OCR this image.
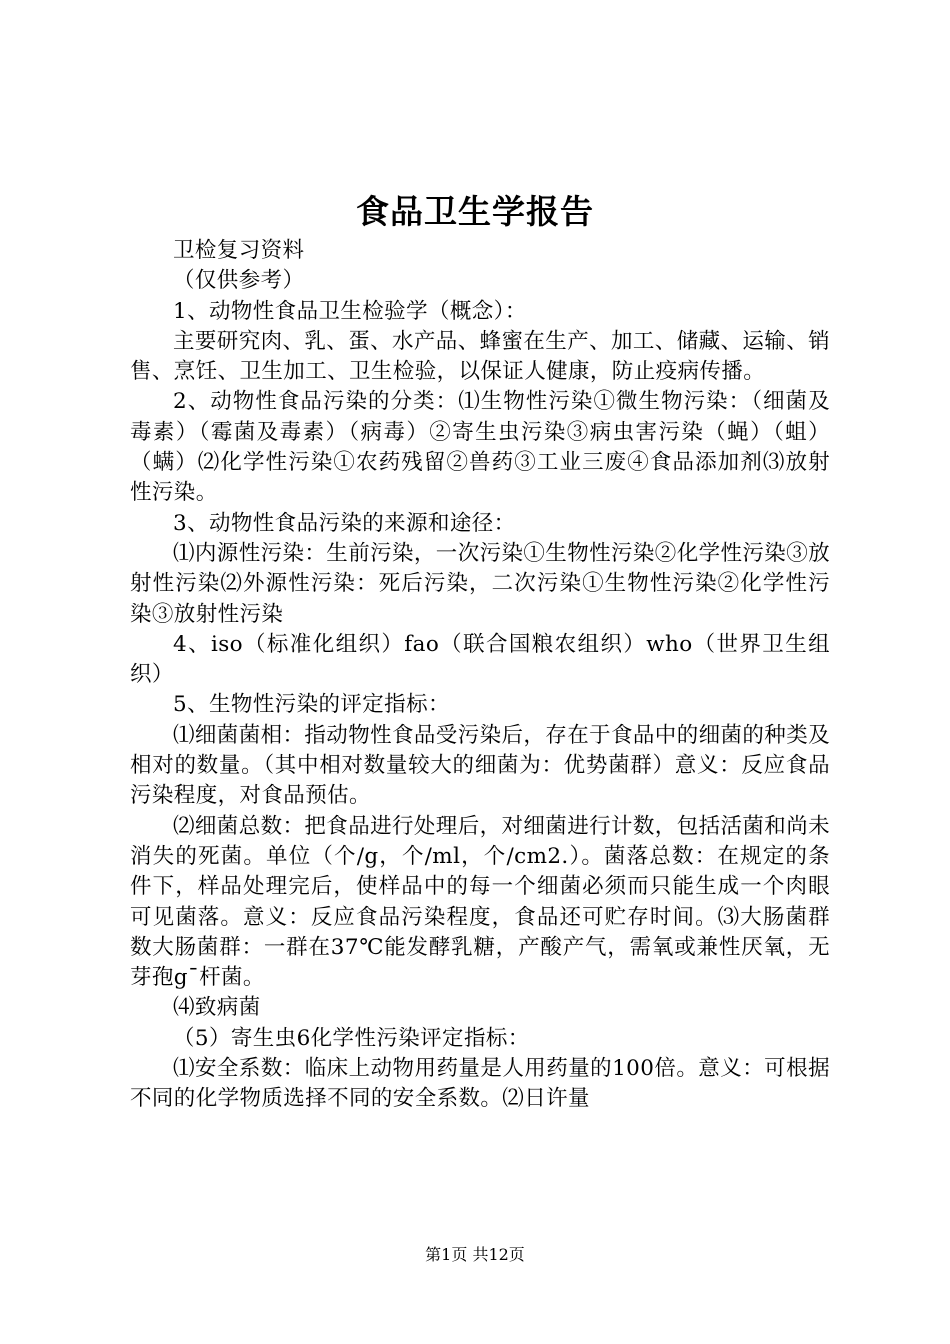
食品卫生学报告

卫检复习资料

（仅供参考）

1、动物性食品卫生检验学（概念）：

主要研究肉、乳、蛋、水产品、蜂蜜在生产、加工、储藏、运输、销售、烹饪、卫生加工、卫生检验，以保证人健康，防止疫病传播。

2、动物性食品污染的分类：⑴生物性污染①微生物污染：（细菌及毒素）（霉菌及毒素）（病毒）②寄生虫污染③病虫害污染（蝇）（蛆）（螨）⑵化学性污染①农药残留②兽药③工业三废④食品添加剂⑶放射性污染。

3、动物性食品污染的来源和途径：

⑴内源性污染：生前污染，一次污染①生物性污染②化学性污染③放射性污染⑵外源性污染：死后污染，二次污染①生物性污染②化学性污染③放射性污染

4、iso（标准化组织）fao（联合国粮农组织）who（世界卫生组织）

5、生物性污染的评定指标：

⑴细菌菌相：指动物性食品受污染后，存在于食品中的细菌的种类及相对的数量。（其中相对数量较大的细菌为：优势菌群）意义：反应食品污染程度，对食品预估。

⑵细菌总数：把食品进行处理后，对细菌进行计数，包括活菌和尚未消失的死菌。单位（个/g，个/ml，个/cm2.）。菌落总数：在规定的条件下，样品处理完后，使样品中的每一个细菌必须而只能生成一个肉眼可见菌落。意义：反应食品污染程度，食品还可贮存时间。⑶大肠菌群数大肠菌群：一群在37℃能发酵乳糖，产酸产气，需氧或兼性厌氧，无芽孢g¯杆菌。

⑷致病菌

（5）寄生虫6化学性污染评定指标：

⑴安全系数：临床上动物用药量是人用药量的100倍。意义：可根据不同的化学物质选择不同的安全系数。⑵日许量

第1页 共12页
